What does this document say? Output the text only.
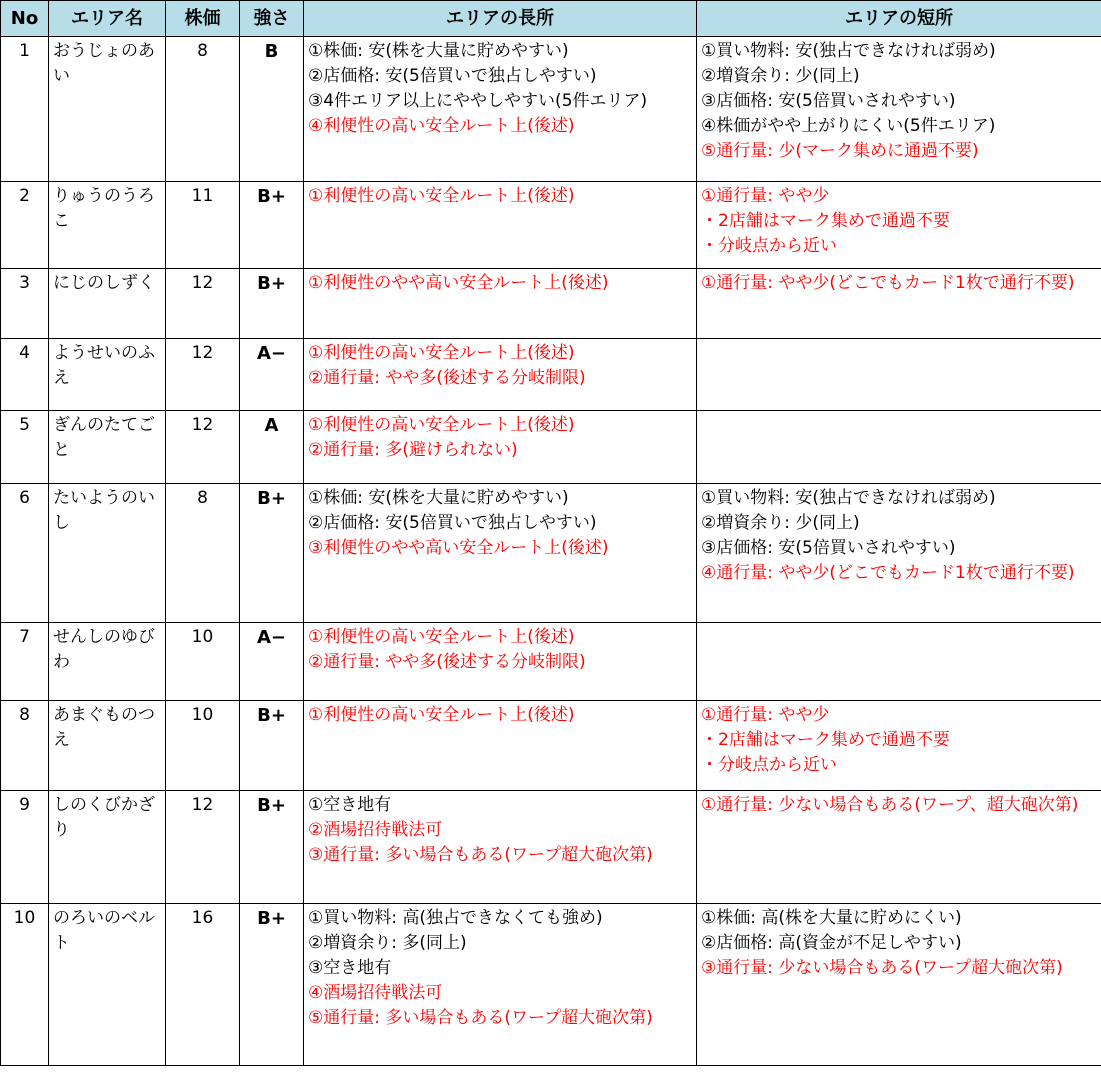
No	エリア名	株価	強さ	エリアの長所	エリアの短所
1	おうじょのあい	8	B	①株価: 安(株を大量に貯めやすい)
②店価格: 安(5倍買いで独占しやすい)
③4件エリア以上にややしやすい(5件エリア)
④利便性の高い安全ルート上(後述)	①買い物料: 安(独占できなければ弱め)
②増資余り: 少(同上)
③店価格: 安(5倍買いされやすい)
④株価がやや上がりにくい(5件エリア)
⑤通行量: 少(マーク集めに通過不要)

2	りゅうのうろこ	11	B+	①利便性の高い安全ルート上(後述)	①通行量: やや少
・2店舗はマーク集めで通過不要
・分岐点から近い

3	にじのしずく	12	B+	①利便性のやや高い安全ルート上(後述)	①通行量: やや少(どこでもカード1枚で通行不要)

4	ようせいのふえ	12	A−	①利便性の高い安全ルート上(後述)
②通行量: やや多(後述する分岐制限)	

5	ぎんのたてごと	12	A	①利便性の高い安全ルート上(後述)
②通行量: 多(避けられない)	

6	たいようのいし	8	B+	①株価: 安(株を大量に貯めやすい)
②店価格: 安(5倍買いで独占しやすい)
③利便性のやや高い安全ルート上(後述)	①買い物料: 安(独占できなければ弱め)
②増資余り: 少(同上)
③店価格: 安(5倍買いされやすい)
④通行量: やや少(どこでもカード1枚で通行不要)

7	せんしのゆびわ	10	A−	①利便性の高い安全ルート上(後述)
②通行量: やや多(後述する分岐制限)	

8	あまぐものつえ	10	B+	①利便性の高い安全ルート上(後述)	①通行量: やや少
・2店舗はマーク集めで通過不要
・分岐点から近い

9	しのくびかざり	12	B+	①空き地有
②酒場招待戦法可
③通行量: 多い場合もある(ワープ超大砲次第)	①通行量: 少ない場合もある(ワープ、超大砲次第)

10	のろいのベルト	16	B+	①買い物料: 高(独占できなくても強め)
②増資余り: 多(同上)
③空き地有
④酒場招待戦法可
⑤通行量: 多い場合もある(ワープ超大砲次第)	①株価: 高(株を大量に貯めにくい)
②店価格: 高(資金が不足しやすい)
③通行量: 少ない場合もある(ワープ超大砲次第)
